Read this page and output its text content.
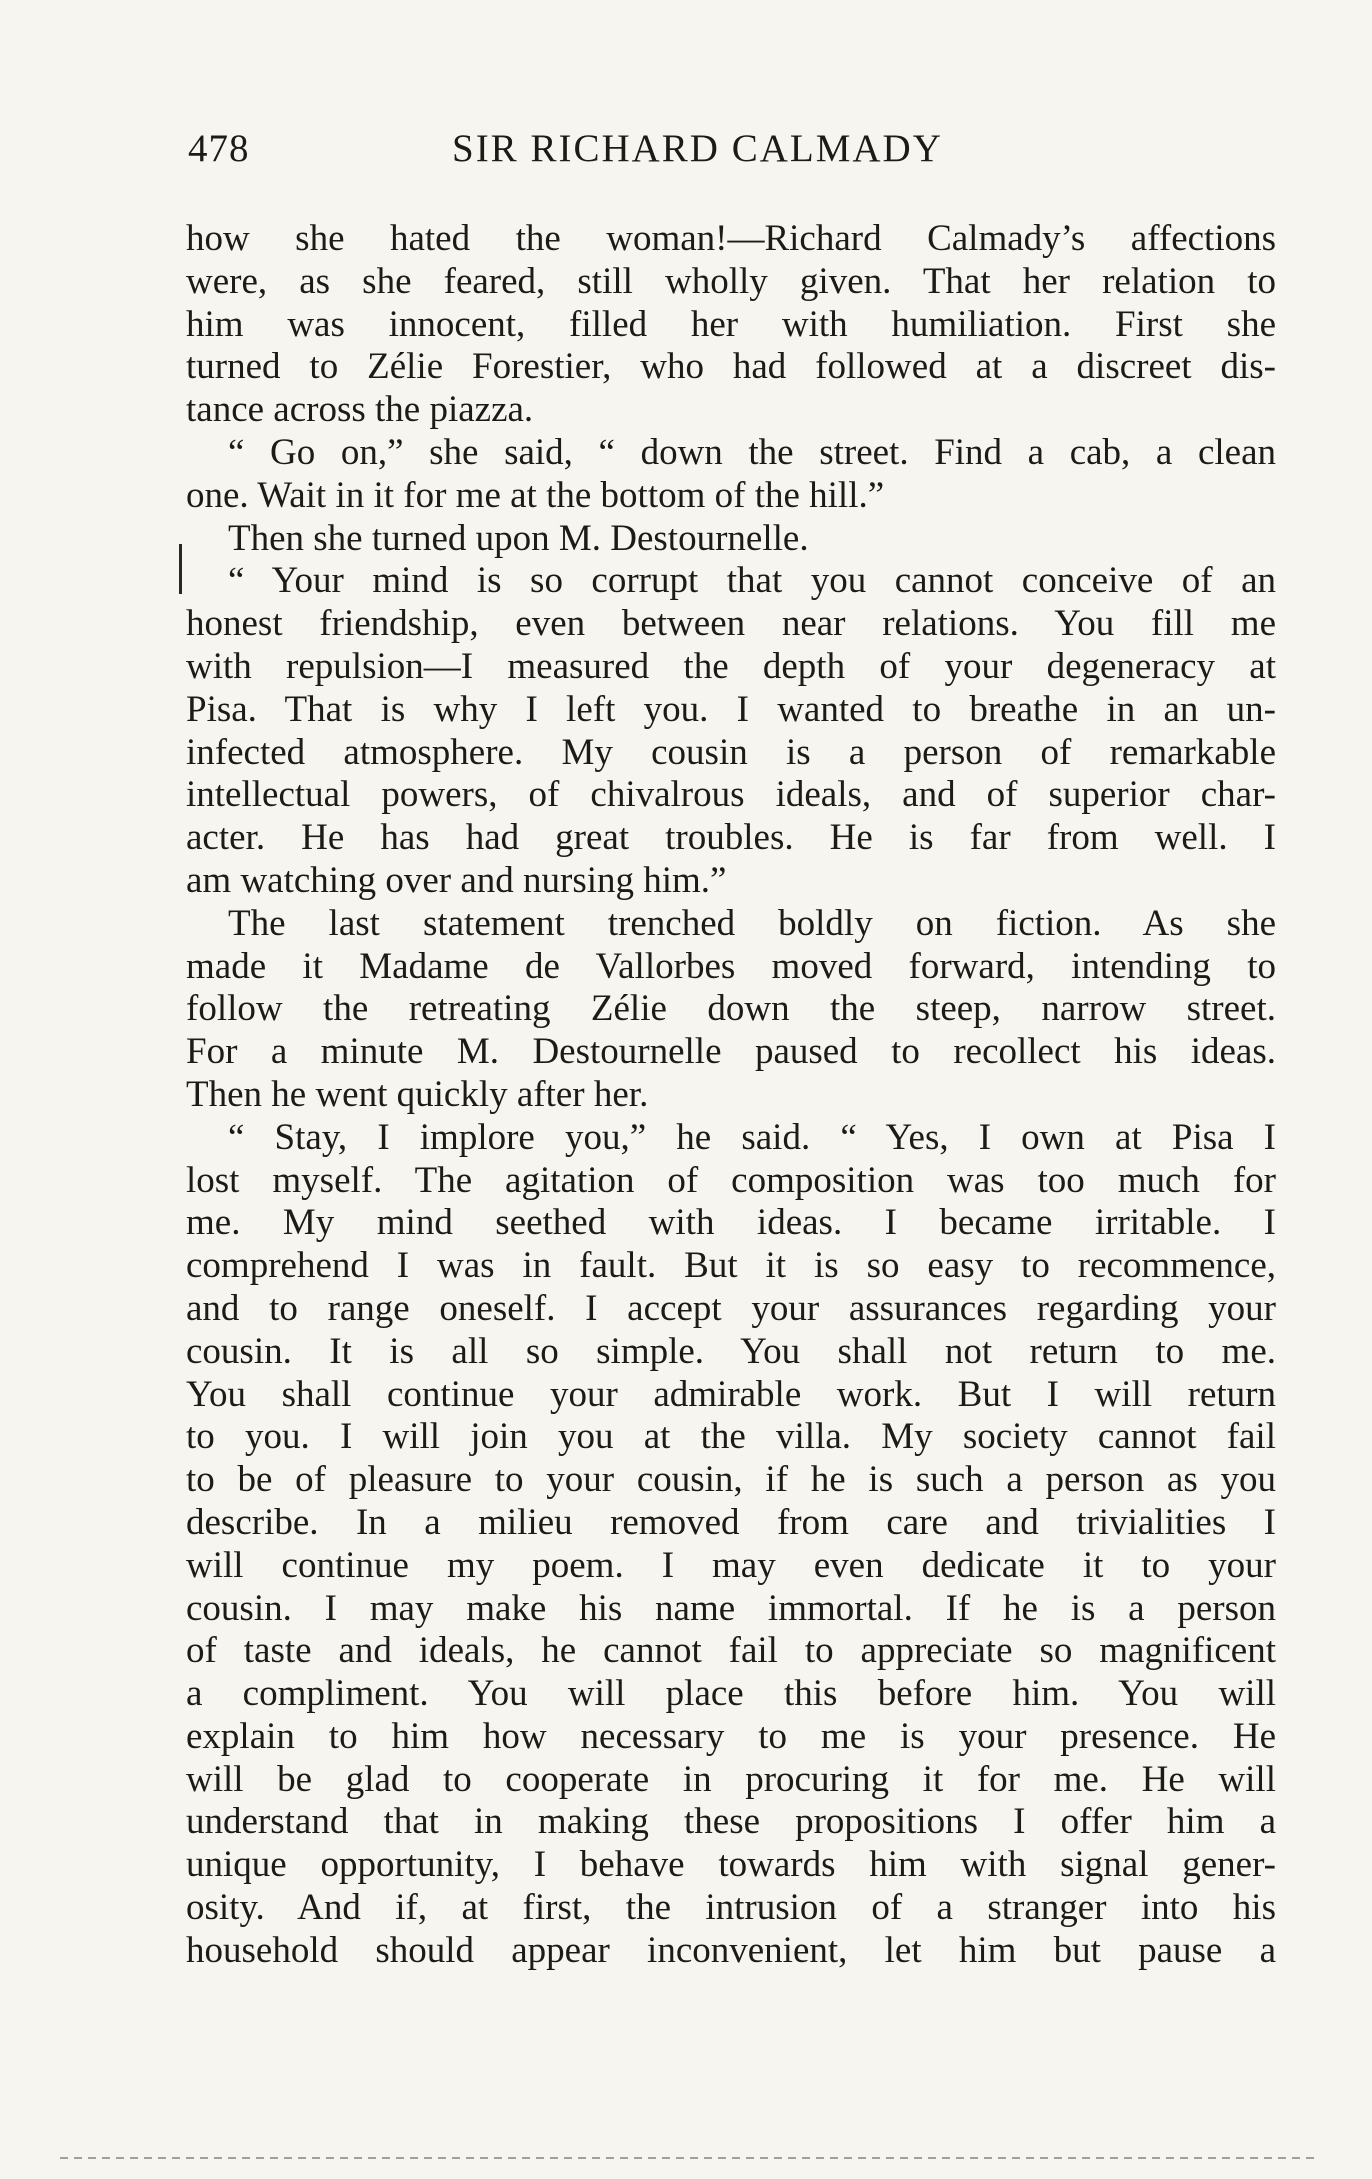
478	SIR RICHARD CALMADY
how she hated the woman!—Richard Calmady’s affections
were, as she feared, still wholly given. That her relation to
him was innocent, filled her with humiliation. First she
turned to Zélie Forestier, who had followed at a discreet dis-
tance across the piazza.
“ Go on,” she said, “ down the street. Find a cab, a clean
one. Wait in it for me at the bottom of the hill.”
Then she turned upon M. Destournelle.
“ Your mind is so corrupt that you cannot conceive of an
honest friendship, even between near relations. You fill me
with repulsion—I measured the depth of your degeneracy at
Pisa. That is why I left you. I wanted to breathe in an un-
infected atmosphere. My cousin is a person of remarkable
intellectual powers, of chivalrous ideals, and of superior char-
acter. He has had great troubles. He is far from well. I
am watching over and nursing him.”
The last statement trenched boldly on fiction. As she
made it Madame de Vallorbes moved forward, intending to
follow the retreating Zélie down the steep, narrow street.
For a minute M. Destournelle paused to recollect his ideas.
Then he went quickly after her.
“ Stay, I implore you,” he said. “ Yes, I own at Pisa I
lost myself. The agitation of composition was too much for
me. My mind seethed with ideas. I became irritable. I
comprehend I was in fault. But it is so easy to recommence,
and to range oneself. I accept your assurances regarding your
cousin. It is all so simple. You shall not return to me.
You shall continue your admirable work. But I will return
to you. I will join you at the villa. My society cannot fail
to be of pleasure to your cousin, if he is such a person as you
describe. In a milieu removed from care and trivialities I
will continue my poem. I may even dedicate it to your
cousin. I may make his name immortal. If he is a person
of taste and ideals, he cannot fail to appreciate so magnificent
a compliment. You will place this before him. You will
explain to him how necessary to me is your presence. He
will be glad to cooperate in procuring it for me. He will
understand that in making these propositions I offer him a
unique opportunity, I behave towards him with signal gener-
osity. And if, at first, the intrusion of a stranger into his
household should appear inconvenient, let him but pause a
